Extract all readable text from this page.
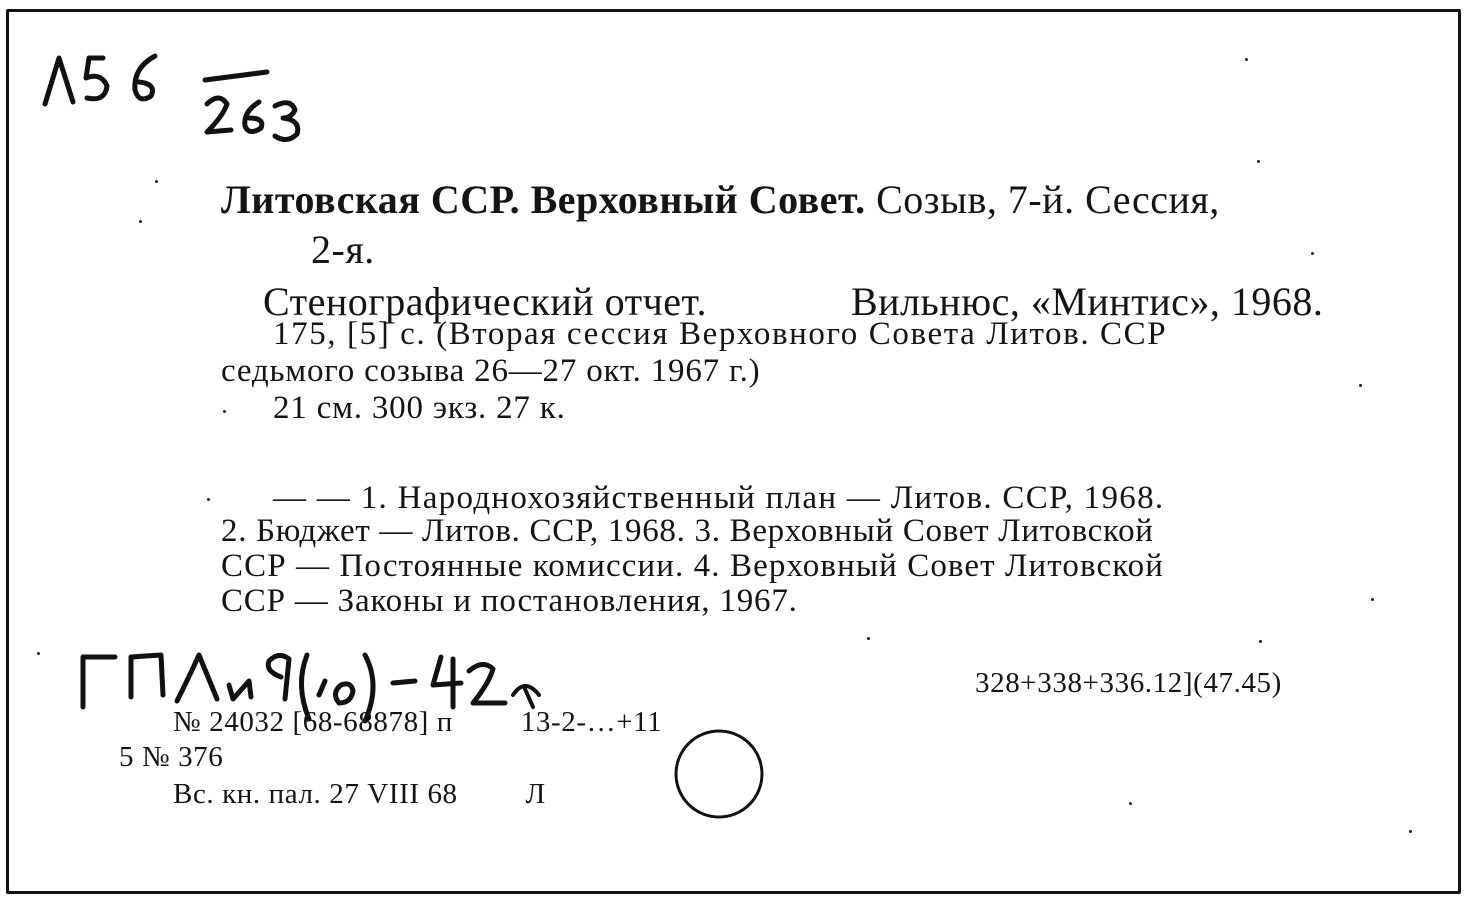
Литовская ССР. Верховный Совет. Созыв, 7-й. Сессия,
2-я.
Стенографический отчет.	Вильнюс, «Минтис», 1968.
175, [5] с. (Вторая сессия Верховного Совета Литов. ССР
седьмого созыва 26—27 окт. 1967 г.)
21 см. 300 экз. 27 к.
— — 1. Народнохозяйственный план — Литов. ССР, 1968.
2. Бюджет — Литов. ССР, 1968. 3. Верховный Совет Литовской
ССР — Постоянные комиссии. 4. Верховный Совет Литовской
ССР — Законы и постановления, 1967.
328+338+336.12](47.45)
№ 24032 [68-68878] п 13-2-…+11
5 № 376
Вс. кн. пал. 27 VIII 68 Л
